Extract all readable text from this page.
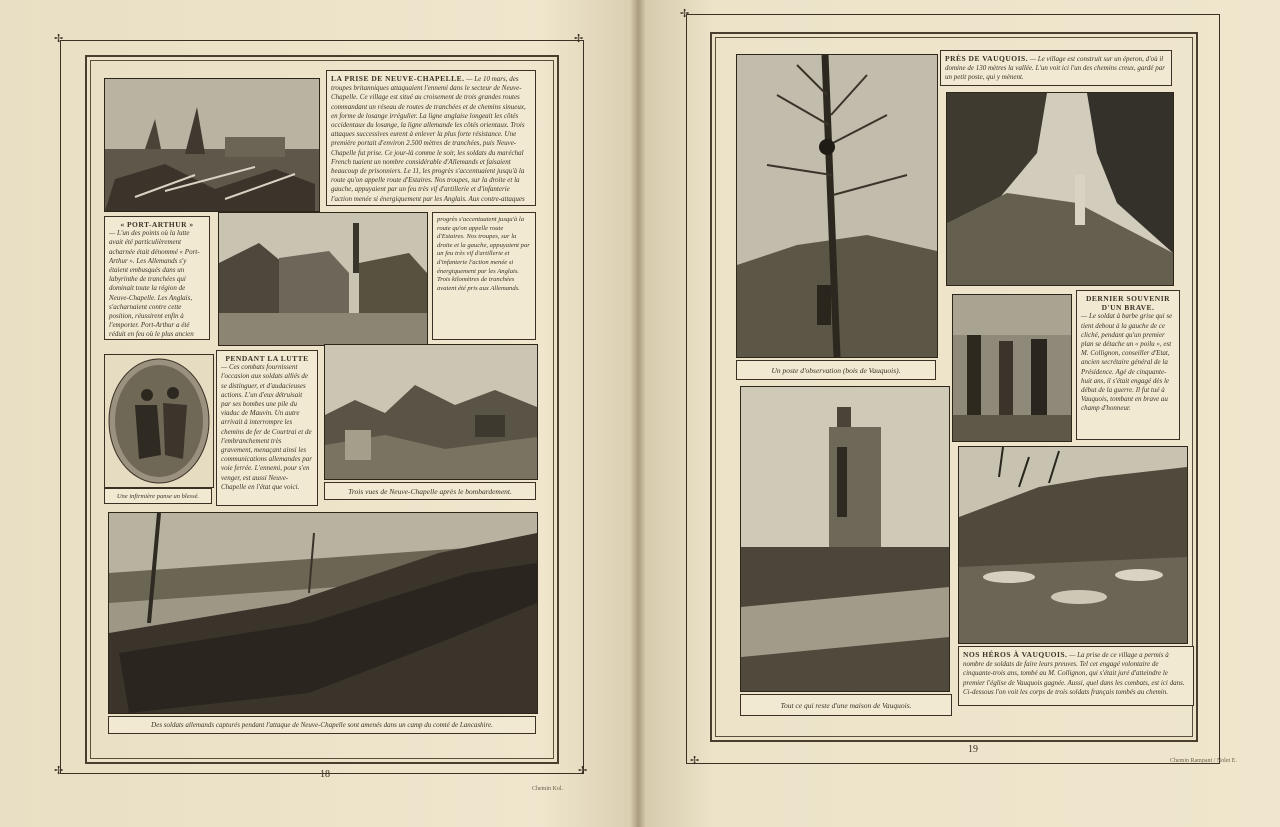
✢	✢
✢	✢
LA PRISE DE NEUVE-CHAPELLE. — Le 10 mars, des troupes britanniques attaquaient l'ennemi dans le secteur de Neuve-Chapelle. Ce village est situé au croisement de trois grandes routes commandant un réseau de routes de tranchées et de chemins sinueux, en forme de losange irrégulier. La ligne anglaise longeait les côtés occidentaux du losange, la ligne allemande les côtés orientaux. Trois attaques successives eurent à enlever la plus forte résistance. Une première portait d'environ 2.500 mètres de tranchées, puis Neuve-Chapelle fut prise. Ce jour-là comme le soir, les soldats du maréchal French tuaient un nombre considérable d'Allemands et faisaient beaucoup de prisonniers. Le 11, les progrès s'accentuaient jusqu'à la route qu'on appelle route d'Estaires. Nos troupes, sur la droite et la gauche, appuyaient par un feu très vif d'artillerie et d'infanterie l'action menée si énergiquement par les Anglais. Aux contre-attaques
« PORT-ARTHUR »
— L'un des points où la lutte avait été particulièrement acharnée était dénommé « Port-Arthur ». Les Allemands s'y étaient embusqués dans un labyrinthe de tranchées qui dominait toute la région de Neuve-Chapelle. Les Anglais, s'acharnaient contre cette position, réussirent enfin à l'emporter. Port-Arthur a été réduit en feu où le plus ancien
progrès s'accentuaient jusqu'à la route qu'on appelle route d'Estaires. Nos troupes, sur la droite et la gauche, appuyaient par un feu très vif d'artillerie et d'infanterie l'action menée si énergiquement par les Anglais. Trois kilomètres de tranchées avaient été pris aux Allemands.
Une infirmière panse un blessé.
PENDANT LA LUTTE
— Ces combats fournissent l'occasion aux soldats alliés de se distinguer, et d'audacieuses actions. L'un d'eux détruisait par ses bombes une pile du viaduc de Mauvin. Un autre arrivait à interrompre les chemins de fer de Courtrai et de l'embranchement très gravement, menaçant ainsi les communications allemandes par voie ferrée. L'ennemi, pour s'en venger, est aussi Neuve-Chapelle en l'état que voici.	Trois vues de Neuve-Chapelle après le bombardement.
Des soldats allemands capturés pendant l'attaque de Neuve-Chapelle sont amenés dans un camp du comté de Lancashire.
18
Chemin Kol.
✢
✢
Un poste d'observation (bois de Vauquois).
PRÈS DE VAUQUOIS. — Le village est construit sur un éperon, d'où il domine de 130 mètres la vallée. L'un voit ici l'un des chemins creux, gardé par un petit poste, qui y mènent.
DERNIER SOUVENIR D'UN BRAVE.
— Le soldat à barbe grise qui se tient debout à la gauche de ce cliché, pendant qu'un premier plan se détache un « poilu », est M. Collignon, conseiller d'Etat, ancien secrétaire général de la Présidence. Agé de cinquante-huit ans, il s'était engagé dès le début de la guerre. Il fut tué à Vauquois, tombant en brave au champ d'honneur.
Tout ce qui reste d'une maison de Vauquois.
NOS HÉROS À VAUQUOIS. — La prise de ce village a permis à nombre de soldats de faire leurs preuves. Tel cet engagé volontaire de cinquante-trois ans, tombé au M. Collignon, qui s'était juré d'atteindre le premier l'église de Vauquois gagnée. Aussi, quel dans les combats, est ici dans. Ci-dessous l'on voit les corps de trois soldats français tombés au chemin.
19
Chemin Rampant / Nolet E.
